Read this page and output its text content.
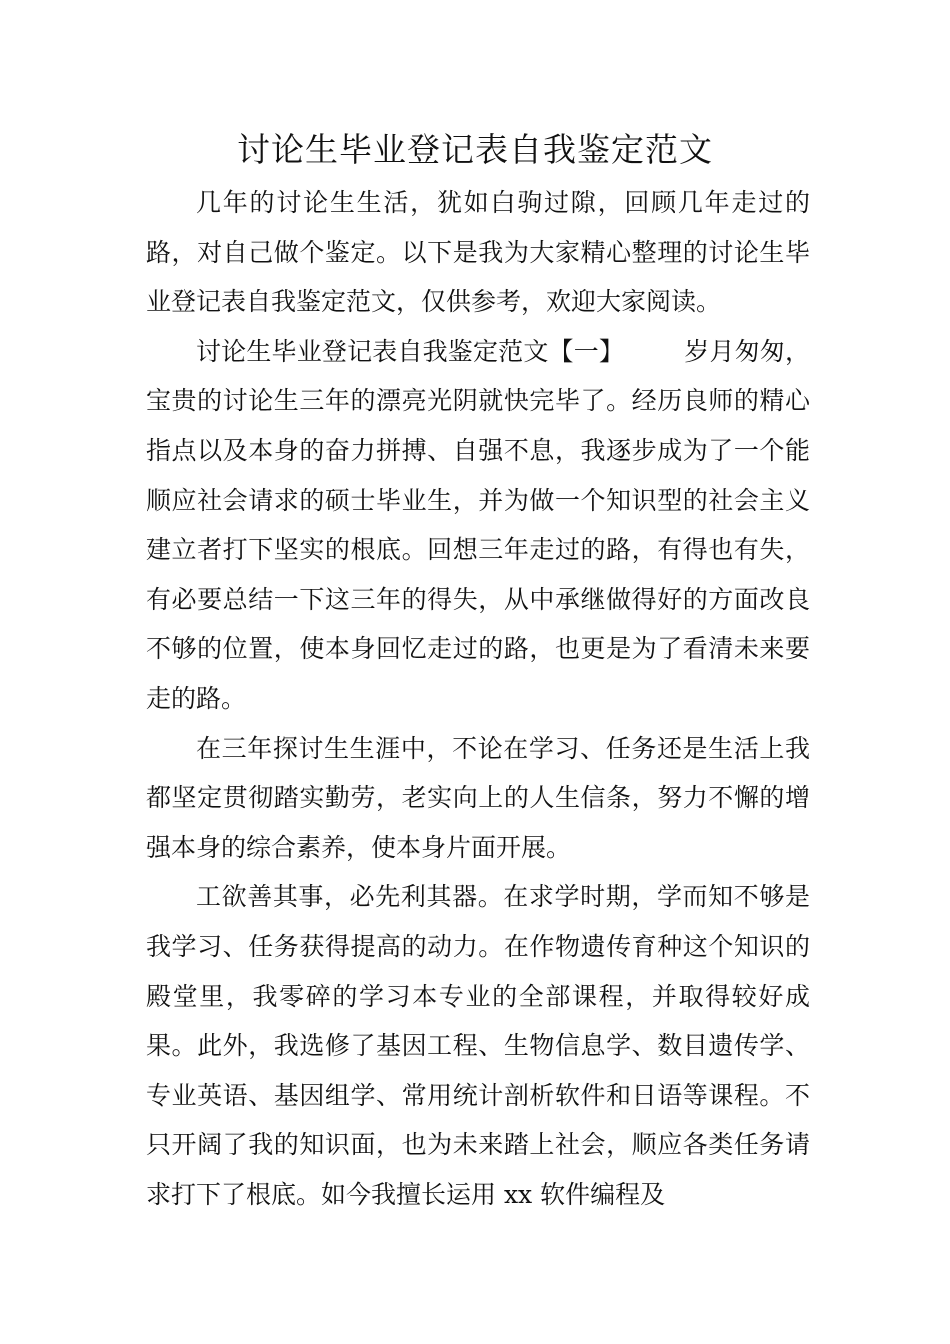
讨论生毕业登记表自我鉴定范文

几年的讨论生生活，犹如白驹过隙，回顾几年走过的路，对自己做个鉴定。以下是我为大家精心整理的讨论生毕业登记表自我鉴定范文，仅供参考，欢迎大家阅读。

讨论生毕业登记表自我鉴定范文【一】 岁月匆匆，宝贵的讨论生三年的漂亮光阴就快完毕了。经历良师的精心指点以及本身的奋力拼搏、自强不息，我逐步成为了一个能顺应社会请求的硕士毕业生，并为做一个知识型的社会主义建立者打下坚实的根底。回想三年走过的路，有得也有失，有必要总结一下这三年的得失，从中承继做得好的方面改良不够的位置，使本身回忆走过的路，也更是为了看清未来要走的路。

在三年探讨生生涯中，不论在学习、任务还是生活上我都坚定贯彻踏实勤劳，老实向上的人生信条，努力不懈的增强本身的综合素养，使本身片面开展。

工欲善其事，必先利其器。在求学时期，学而知不够是我学习、任务获得提高的动力。在作物遗传育种这个知识的殿堂里，我零碎的学习本专业的全部课程，并取得较好成果。此外，我选修了基因工程、生物信息学、数目遗传学、专业英语、基因组学、常用统计剖析软件和日语等课程。不只开阔了我的知识面，也为未来踏上社会，顺应各类任务请求打下了根底。如今我擅长运用 xx 软件编程及
